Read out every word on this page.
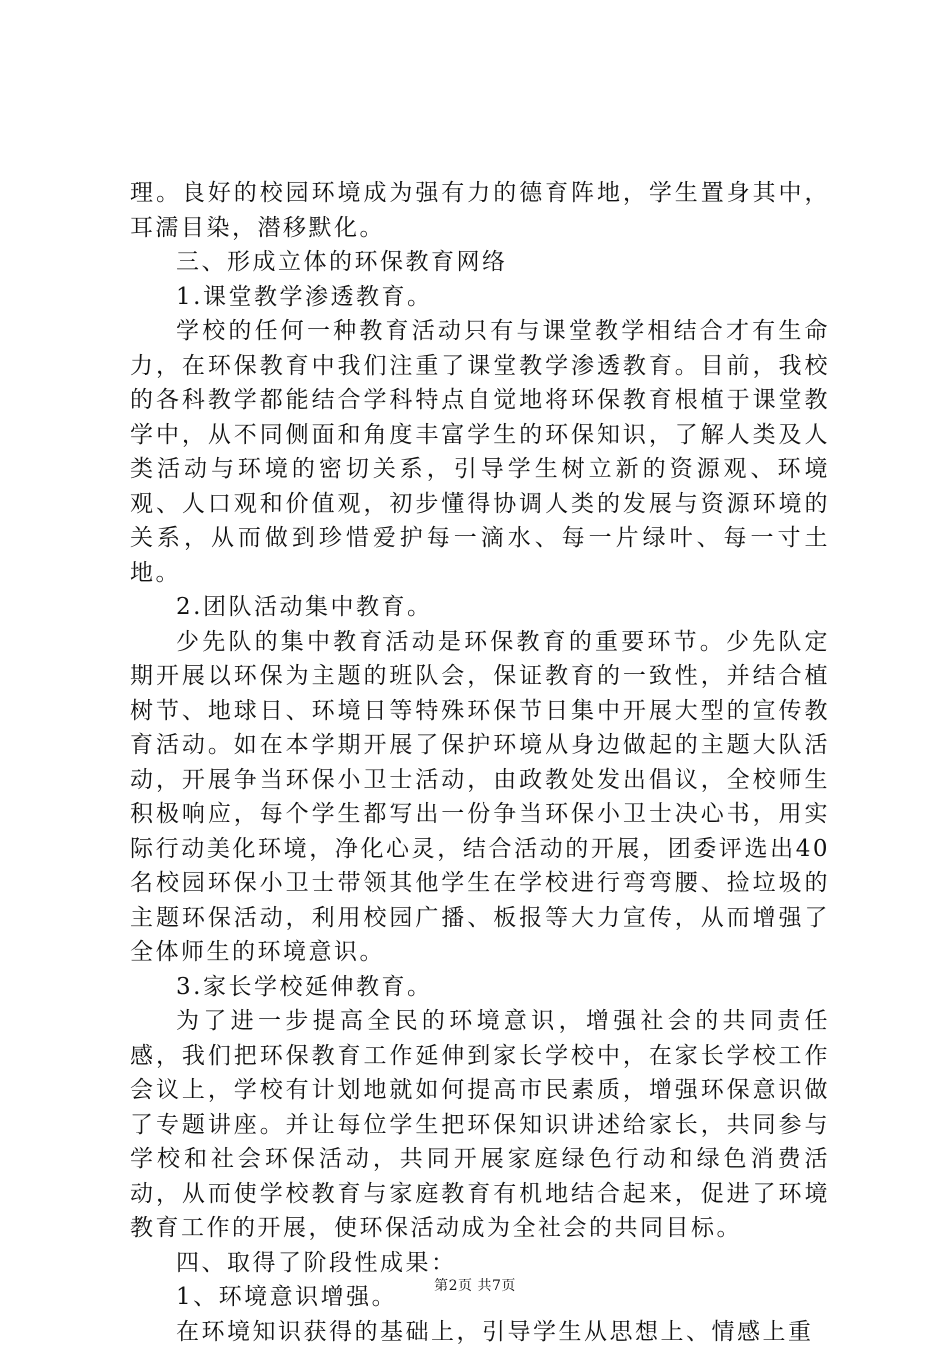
理。良好的校园环境成为强有力的德育阵地，学生置身其中，耳濡目染，潜移默化。

三、形成立体的环保教育网络

1.课堂教学渗透教育。

学校的任何一种教育活动只有与课堂教学相结合才有生命力，在环保教育中我们注重了课堂教学渗透教育。目前，我校的各科教学都能结合学科特点自觉地将环保教育根植于课堂教学中，从不同侧面和角度丰富学生的环保知识，了解人类及人类活动与环境的密切关系，引导学生树立新的资源观、环境观、人口观和价值观，初步懂得协调人类的发展与资源环境的关系，从而做到珍惜爱护每一滴水、每一片绿叶、每一寸土地。

2.团队活动集中教育。

少先队的集中教育活动是环保教育的重要环节。少先队定期开展以环保为主题的班队会，保证教育的一致性，并结合植树节、地球日、环境日等特殊环保节日集中开展大型的宣传教育活动。如在本学期开展了保护环境从身边做起的主题大队活动，开展争当环保小卫士活动，由政教处发出倡议，全校师生积极响应，每个学生都写出一份争当环保小卫士决心书，用实际行动美化环境，净化心灵，结合活动的开展，团委评选出40名校园环保小卫士带领其他学生在学校进行弯弯腰、捡垃圾的主题环保活动，利用校园广播、板报等大力宣传，从而增强了全体师生的环境意识。

3.家长学校延伸教育。

为了进一步提高全民的环境意识，增强社会的共同责任感，我们把环保教育工作延伸到家长学校中，在家长学校工作会议上，学校有计划地就如何提高市民素质，增强环保意识做了专题讲座。并让每位学生把环保知识讲述给家长，共同参与学校和社会环保活动，共同开展家庭绿色行动和绿色消费活动，从而使学校教育与家庭教育有机地结合起来，促进了环境教育工作的开展，使环保活动成为全社会的共同目标。

四、取得了阶段性成果：

1、环境意识增强。

在环境知识获得的基础上，引导学生从思想上、情感上重

第2页 共7页
